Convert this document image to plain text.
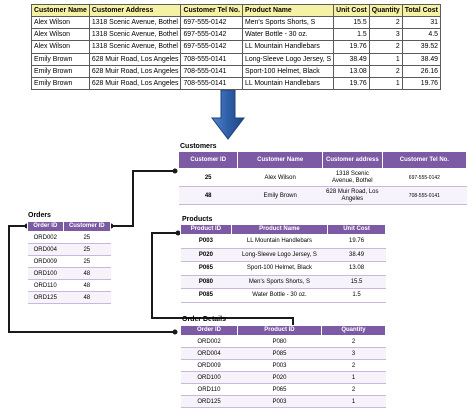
Customer Name	Customer Address	Customer Tel No.	Product Name	Unit Cost	Quantity	Total Cost
Alex Wilson	1318 Scenic Avenue, Bothel	697-555-0142	Men's Sports Shorts, S	15.5	2	31
Alex Wilson	1318 Scenic Avenue, Bothel	697-555-0142	Water Bottle - 30 oz.	1.5	3	4.5
Alex Wilson	1318 Scenic Avenue, Bothel	697-555-0142	LL Mountain Handlebars	19.76	2	39.52
Emily Brown	628 Muir Road, Los Angeles	708-555-0141	Long-Sleeve Logo Jersey, S	38.49	1	38.49
Emily Brown	628 Muir Road, Los Angeles	708-555-0141	Sport-100 Helmet, Black	13.08	2	26.16
Emily Brown	628 Muir Road, Los Angeles	708-555-0141	LL Mountain Handlebars	19.76	1	19.76
Customers
Customer ID	Customer Name	Customer address	Customer Tel No.
25	Alex Wilson	1318 Scenic Avenue, Bothel	697-555-0142
48	Emily Brown	628 Muir Road, Los Angeles	708-555-0141
Orders
Order ID	Customer ID
ORD002	25
ORD004	25
ORD009	25
ORD100	48
ORD110	48
ORD125	48
Products
Product ID	Product Name	Unit Cost
P003	LL Mountain Handlebars	19.76
P020	Long-Sleeve Logo Jersey, S	38.49
P065	Sport-100 Helmet, Black	13.08
P080	Men's Sports Shorts, S	15.5
P085	Water Bottle - 30 oz.	1.5
Order Details
Order ID	Product ID	Quantity
ORD002	P080	2
ORD004	P085	3
ORD009	P003	2
ORD100	P020	1
ORD110	P065	2
ORD125	P003	1
